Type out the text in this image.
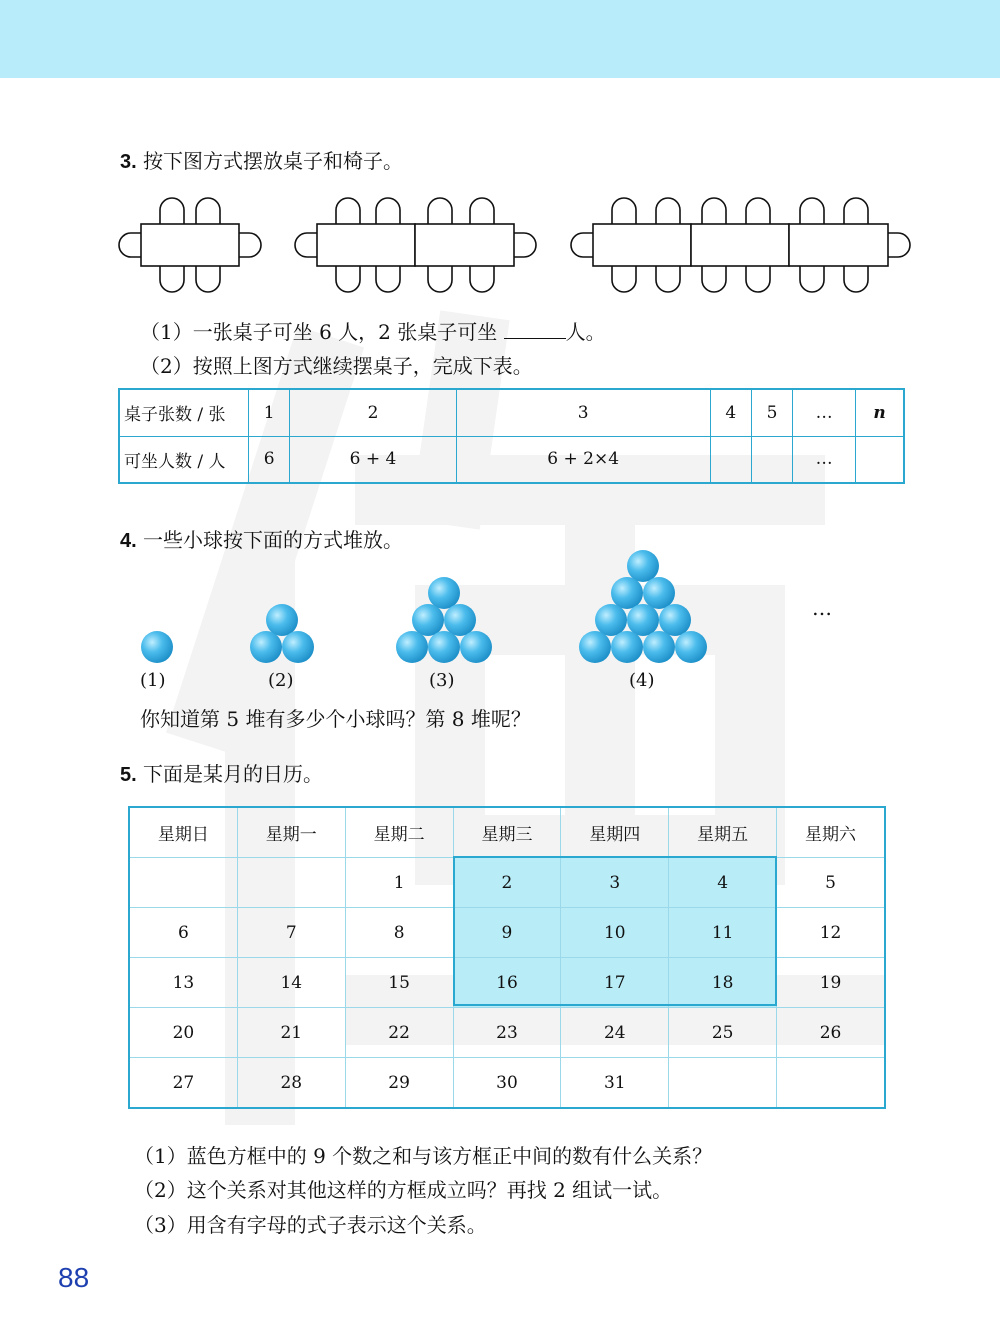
3. 按下图方式摆放桌子和椅子。
（1）一张桌子可坐 6 人，2 张桌子可坐	人。
（2）按照上图方式继续摆桌子，完成下表。
桌子张数 / 张	1	2	3	4	5	…	n
可坐人数 / 人	6	6 + 4	6 + 2×4			…	
4. 一些小球按下面的方式堆放。
…
(1)	(2)	(3)	(4)
你知道第 5 堆有多少个小球吗？第 8 堆呢？
5. 下面是某月的日历。
星期日	星期一	星期二	星期三	星期四	星期五	星期六
		1	2	3	4	5
6	7	8	9	10	11	12
13	14	15	16	17	18	19
20	21	22	23	24	25	26
27	28	29	30	31		
（1）蓝色方框中的 9 个数之和与该方框正中间的数有什么关系？
（2）这个关系对其他这样的方框成立吗？再找 2 组试一试。
（3）用含有字母的式子表示这个关系。
88
